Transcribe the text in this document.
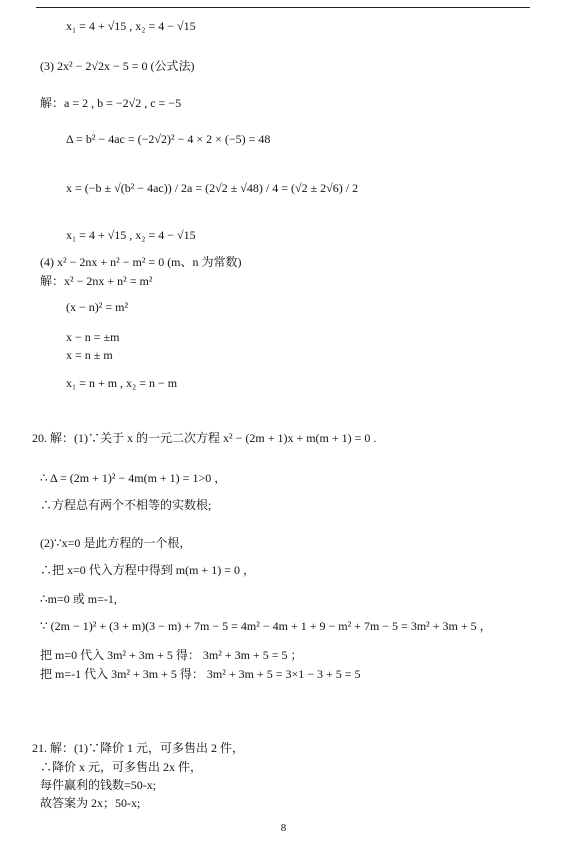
x₁ = 4 + √15 , x₂ = 4 − √15
(3) 2x² − 2√2x − 5 = 0 (公式法)
解：a = 2 , b = −2√2 , c = −5
Δ = b² − 4ac = (−2√2)² − 4 × 2 × (−5) = 48
x = (−b ± √(b² − 4ac)) / 2a = (2√2 ± √48) / 4 = (√2 ± 2√6) / 2
x₁ = 4 + √15 , x₂ = 4 − √15
(4) x² − 2nx + n² − m² = 0 (m、n 为常数)
解：x² − 2nx + n² = m²
(x − n)² = m²
x − n = ±m
x = n ± m
x₁ = n + m , x₂ = n − m
20. 解：(1)∵关于 x 的一元二次方程 x² − (2m + 1)x + m(m + 1) = 0 .
∴ Δ = (2m + 1)² − 4m(m + 1) = 1>0 ，
∴方程总有两个不相等的实数根;
(2)∵x=0 是此方程的一个根，
∴把 x=0 代入方程中得到 m(m + 1) = 0 ，
∴m=0 或 m=-1,
∵ (2m − 1)² + (3 + m)(3 − m) + 7m − 5 = 4m² − 4m + 1 + 9 − m² + 7m − 5 = 3m² + 3m + 5 ，
把 m=0 代入 3m² + 3m + 5 得： 3m² + 3m + 5 = 5 ；
把 m=-1 代入 3m² + 3m + 5 得： 3m² + 3m + 5 = 3×1 − 3 + 5 = 5
21. 解：(1)∵降价 1 元，可多售出 2 件，
∴降价 x 元，可多售出 2x 件，
每件赢利的钱数=50-x;
故答案为 2x；50-x;
8
